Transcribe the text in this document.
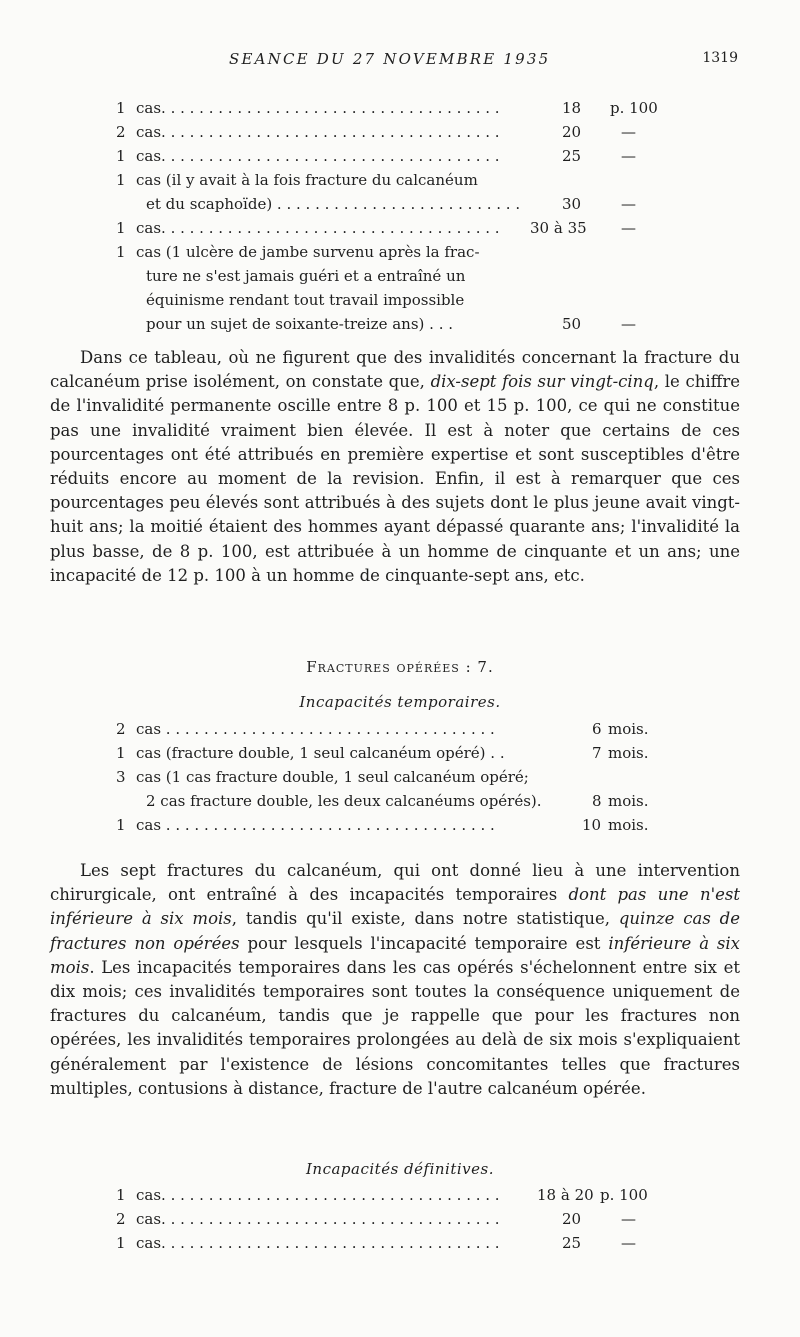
SEANCE DU 27 NOVEMBRE 1935	1319
1 cas. . . . . . . . . . . . . . . . . . . . . . . . . . . . . . . . . . . .	18 p. 100
2 cas. . . . . . . . . . . . . . . . . . . . . . . . . . . . . . . . . . . .	20	—
1 cas. . . . . . . . . . . . . . . . . . . . . . . . . . . . . . . . . . . .	25	—
1 cas (il y avait à la fois fracture du calcanéum
et du scaphoïde) . . . . . . . . . . . . . . . . . . . . . . . . . .	30	—
1 cas. . . . . . . . . . . . . . . . . . . . . . . . . . . . . . . . . . . .	30 à 35 —
1 cas (1 ulcère de jambe survenu après la frac-
ture ne s'est jamais guéri et a entraîné un
équinisme rendant tout travail impossible
pour un sujet de soixante-treize ans) . . .	50	—

Dans ce tableau, où ne figurent que des invalidités concernant la fracture du calcanéum prise isolément, on constate que, dix-sept fois sur vingt-cinq, le chiffre de l'invalidité permanente oscille entre 8 p. 100 et 15 p. 100, ce qui ne constitue pas une invalidité vraiment bien élevée. Il est à noter que certains de ces pourcentages ont été attribués en première expertise et sont susceptibles d'être réduits encore au moment de la revision. Enfin, il est à remarquer que ces pourcentages peu élevés sont attribués à des sujets dont le plus jeune avait vingt-huit ans; la moitié étaient des hommes ayant dépassé quarante ans; l'invalidité la plus basse, de 8 p. 100, est attribuée à un homme de cinquante et un ans; une incapacité de 12 p. 100 à un homme de cinquante-sept ans, etc.

Fractures opérées : 7.
Incapacités temporaires.
2 cas . . . . . . . . . . . . . . . . . . . . . . . . . . . . . . . . . . .	6 mois.
1 cas (fracture double, 1 seul calcanéum opéré) . .	7 mois.
3 cas (1 cas fracture double, 1 seul calcanéum opéré;
2 cas fracture double, les deux calcanéums opérés).	8 mois.
1 cas . . . . . . . . . . . . . . . . . . . . . . . . . . . . . . . . . . .	10 mois.

Les sept fractures du calcanéum, qui ont donné lieu à une intervention chirurgicale, ont entraîné à des incapacités temporaires dont pas une n'est inférieure à six mois, tandis qu'il existe, dans notre statistique, quinze cas de fractures non opérées pour lesquels l'incapacité temporaire est inférieure à six mois. Les incapacités temporaires dans les cas opérés s'échelonnent entre six et dix mois; ces invalidités temporaires sont toutes la conséquence uniquement de fractures du calcanéum, tandis que je rappelle que pour les fractures non opérées, les invalidités temporaires prolongées au delà de six mois s'expliquaient généralement par l'existence de lésions concomitantes telles que fractures multiples, contusions à distance, fracture de l'autre calcanéum opérée.

Incapacités définitives.
1 cas. . . . . . . . . . . . . . . . . . . . . . . . . . . . . . . . . . . .	18 à 20 p. 100
2 cas. . . . . . . . . . . . . . . . . . . . . . . . . . . . . . . . . . . .	20	—
1 cas. . . . . . . . . . . . . . . . . . . . . . . . . . . . . . . . . . . .	25	—
